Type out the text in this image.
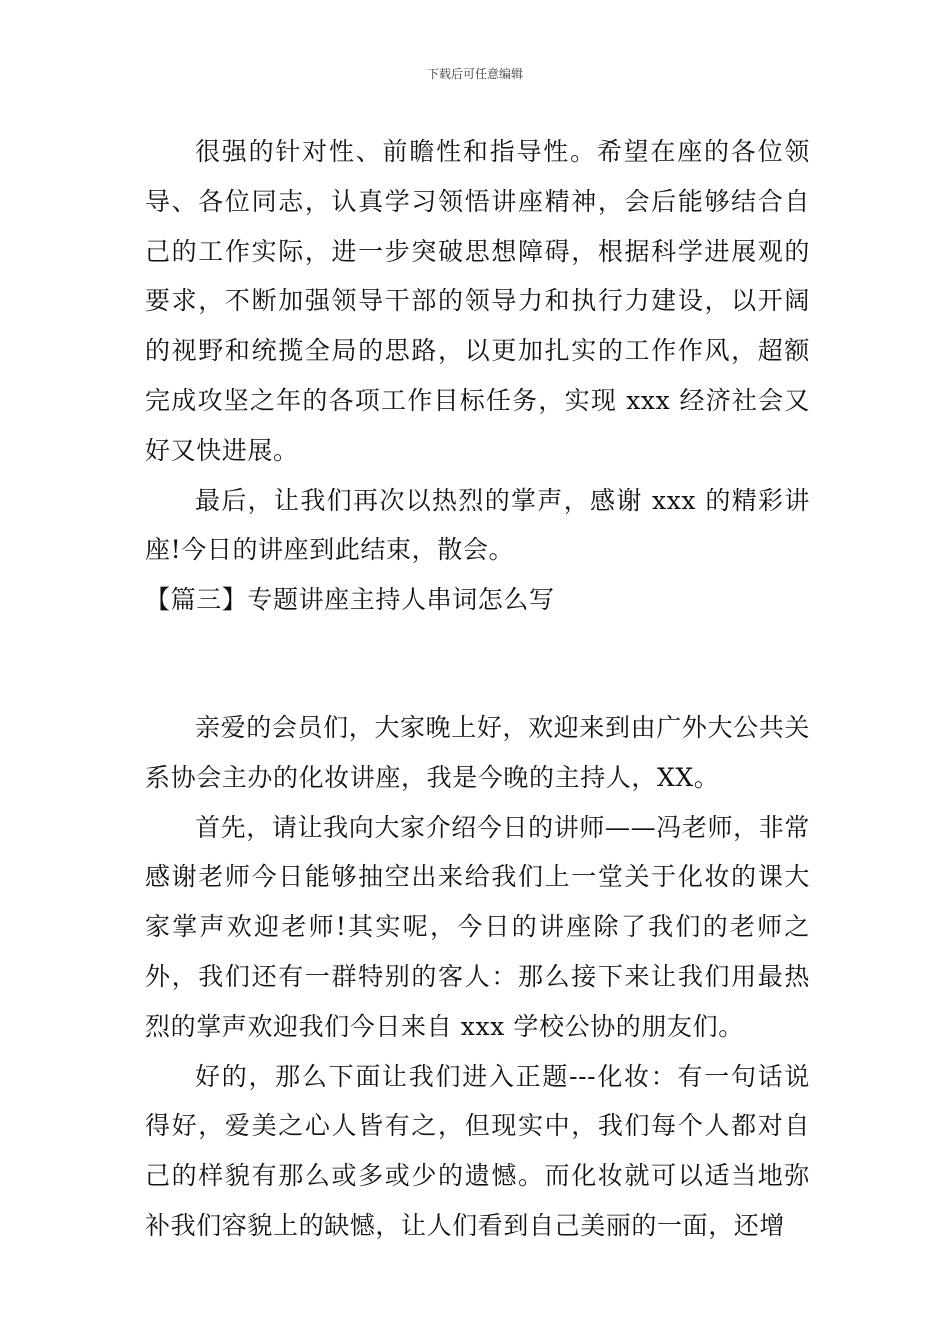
下载后可任意编辑

很强的针对性、前瞻性和指导性。希望在座的各位领导、各位同志，认真学习领悟讲座精神，会后能够结合自己的工作实际，进一步突破思想障碍，根据科学进展观的要求，不断加强领导干部的领导力和执行力建设，以开阔的视野和统揽全局的思路，以更加扎实的工作作风，超额完成攻坚之年的各项工作目标任务，实现 xxx 经济社会又好又快进展。

最后，让我们再次以热烈的掌声，感谢 xxx 的精彩讲座!今日的讲座到此结束，散会。

【篇三】专题讲座主持人串词怎么写

亲爱的会员们，大家晚上好，欢迎来到由广外大公共关系协会主办的化妆讲座，我是今晚的主持人，XX。

首先，请让我向大家介绍今日的讲师——冯老师，非常感谢老师今日能够抽空出来给我们上一堂关于化妆的课大家掌声欢迎老师!其实呢，今日的讲座除了我们的老师之外，我们还有一群特别的客人：那么接下来让我们用最热烈的掌声欢迎我们今日来自 xxx 学校公协的朋友们。

好的，那么下面让我们进入正题---化妆：有一句话说得好，爱美之心人皆有之，但现实中，我们每个人都对自己的样貌有那么或多或少的遗憾。而化妆就可以适当地弥补我们容貌上的缺憾，让人们看到自己美丽的一面，还增
